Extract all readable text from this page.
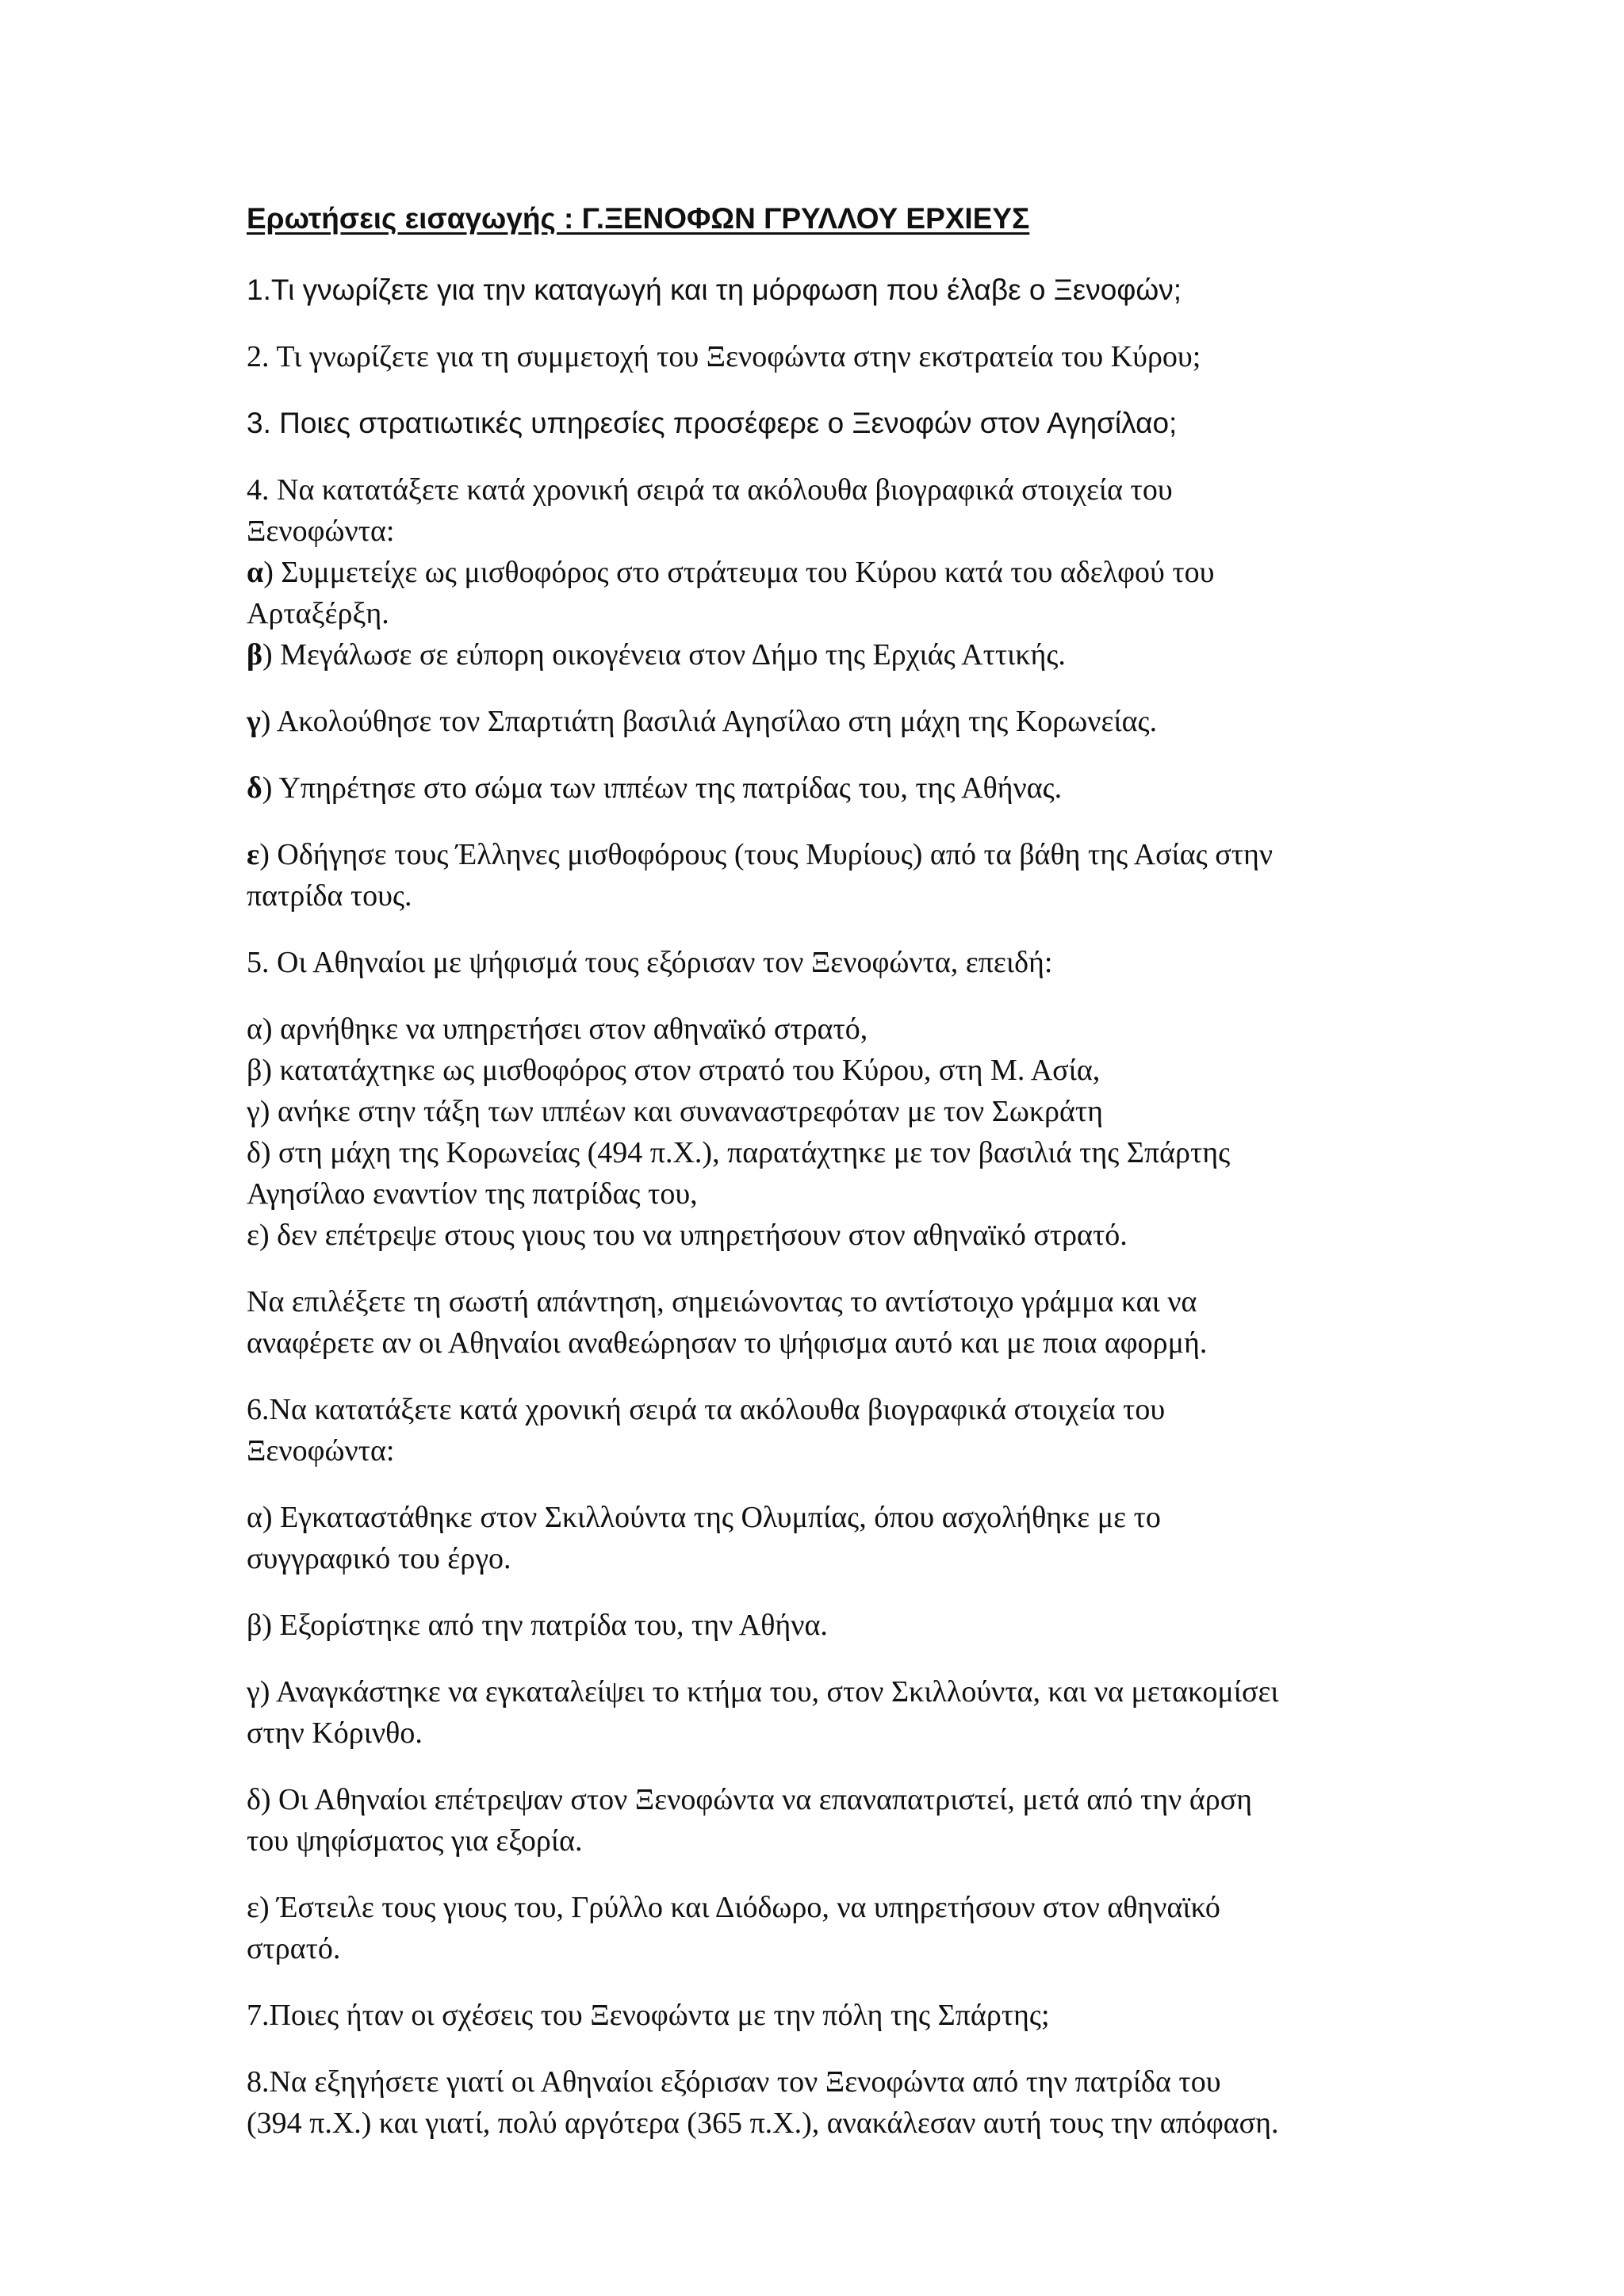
Ερωτήσεις εισαγωγής : Γ.ΞΕΝΟΦΩΝ ΓΡΥΛΛΟΥ ΕΡΧΙΕΥΣ
1.Τι γνωρίζετε για την καταγωγή και τη μόρφωση που έλαβε ο Ξενοφών;
2. Τι γνωρίζετε για τη συμμετοχή του Ξενοφώντα στην εκστρατεία του Κύρου;
3. Ποιες στρατιωτικές υπηρεσίες προσέφερε ο Ξενοφών στον Αγησίλαο;
4. Να κατατάξετε κατά χρονική σειρά τα ακόλουθα βιογραφικά στοιχεία του
Ξενοφώντα:
α) Συμμετείχε ως μισθοφόρος στο στράτευμα του Κύρου κατά του αδελφού του
Αρταξέρξη.
β) Μεγάλωσε σε εύπορη οικογένεια στον Δήμο της Ερχιάς Αττικής.
γ) Ακολούθησε τον Σπαρτιάτη βασιλιά Αγησίλαο στη μάχη της Κορωνείας.
δ) Υπηρέτησε στο σώμα των ιππέων της πατρίδας του, της Αθήνας.
ε) Οδήγησε τους Έλληνες μισθοφόρους (τους Μυρίους) από τα βάθη της Ασίας στην
πατρίδα τους.
5. Οι Αθηναίοι με ψήφισμά τους εξόρισαν τον Ξενοφώντα, επειδή:
α) αρνήθηκε να υπηρετήσει στον αθηναϊκό στρατό,
β) κατατάχτηκε ως μισθοφόρος στον στρατό του Κύρου, στη Μ. Ασία,
γ) ανήκε στην τάξη των ιππέων και συναναστρεφόταν με τον Σωκράτη
δ) στη μάχη της Κορωνείας (494 π.Χ.), παρατάχτηκε με τον βασιλιά της Σπάρτης
Αγησίλαο εναντίον της πατρίδας του,
ε) δεν επέτρεψε στους γιους του να υπηρετήσουν στον αθηναϊκό στρατό.
Να επιλέξετε τη σωστή απάντηση, σημειώνοντας το αντίστοιχο γράμμα και να
αναφέρετε αν οι Αθηναίοι αναθεώρησαν το ψήφισμα αυτό και με ποια αφορμή.
6.Να κατατάξετε κατά χρονική σειρά τα ακόλουθα βιογραφικά στοιχεία του
Ξενοφώντα:
α) Εγκαταστάθηκε στον Σκιλλούντα της Ολυμπίας, όπου ασχολήθηκε με το
συγγραφικό του έργο.
β) Εξορίστηκε από την πατρίδα του, την Αθήνα.
γ) Αναγκάστηκε να εγκαταλείψει το κτήμα του, στον Σκιλλούντα, και να μετακομίσει
στην Κόρινθο.
δ) Οι Αθηναίοι επέτρεψαν στον Ξενοφώντα να επαναπατριστεί, μετά από την άρση
του ψηφίσματος για εξορία.
ε) Έστειλε τους γιους του, Γρύλλο και Διόδωρο, να υπηρετήσουν στον αθηναϊκό
στρατό.
7.Ποιες ήταν οι σχέσεις του Ξενοφώντα με την πόλη της Σπάρτης;
8.Να εξηγήσετε γιατί οι Αθηναίοι εξόρισαν τον Ξενοφώντα από την πατρίδα του
(394 π.Χ.) και γιατί, πολύ αργότερα (365 π.Χ.), ανακάλεσαν αυτή τους την απόφαση.
